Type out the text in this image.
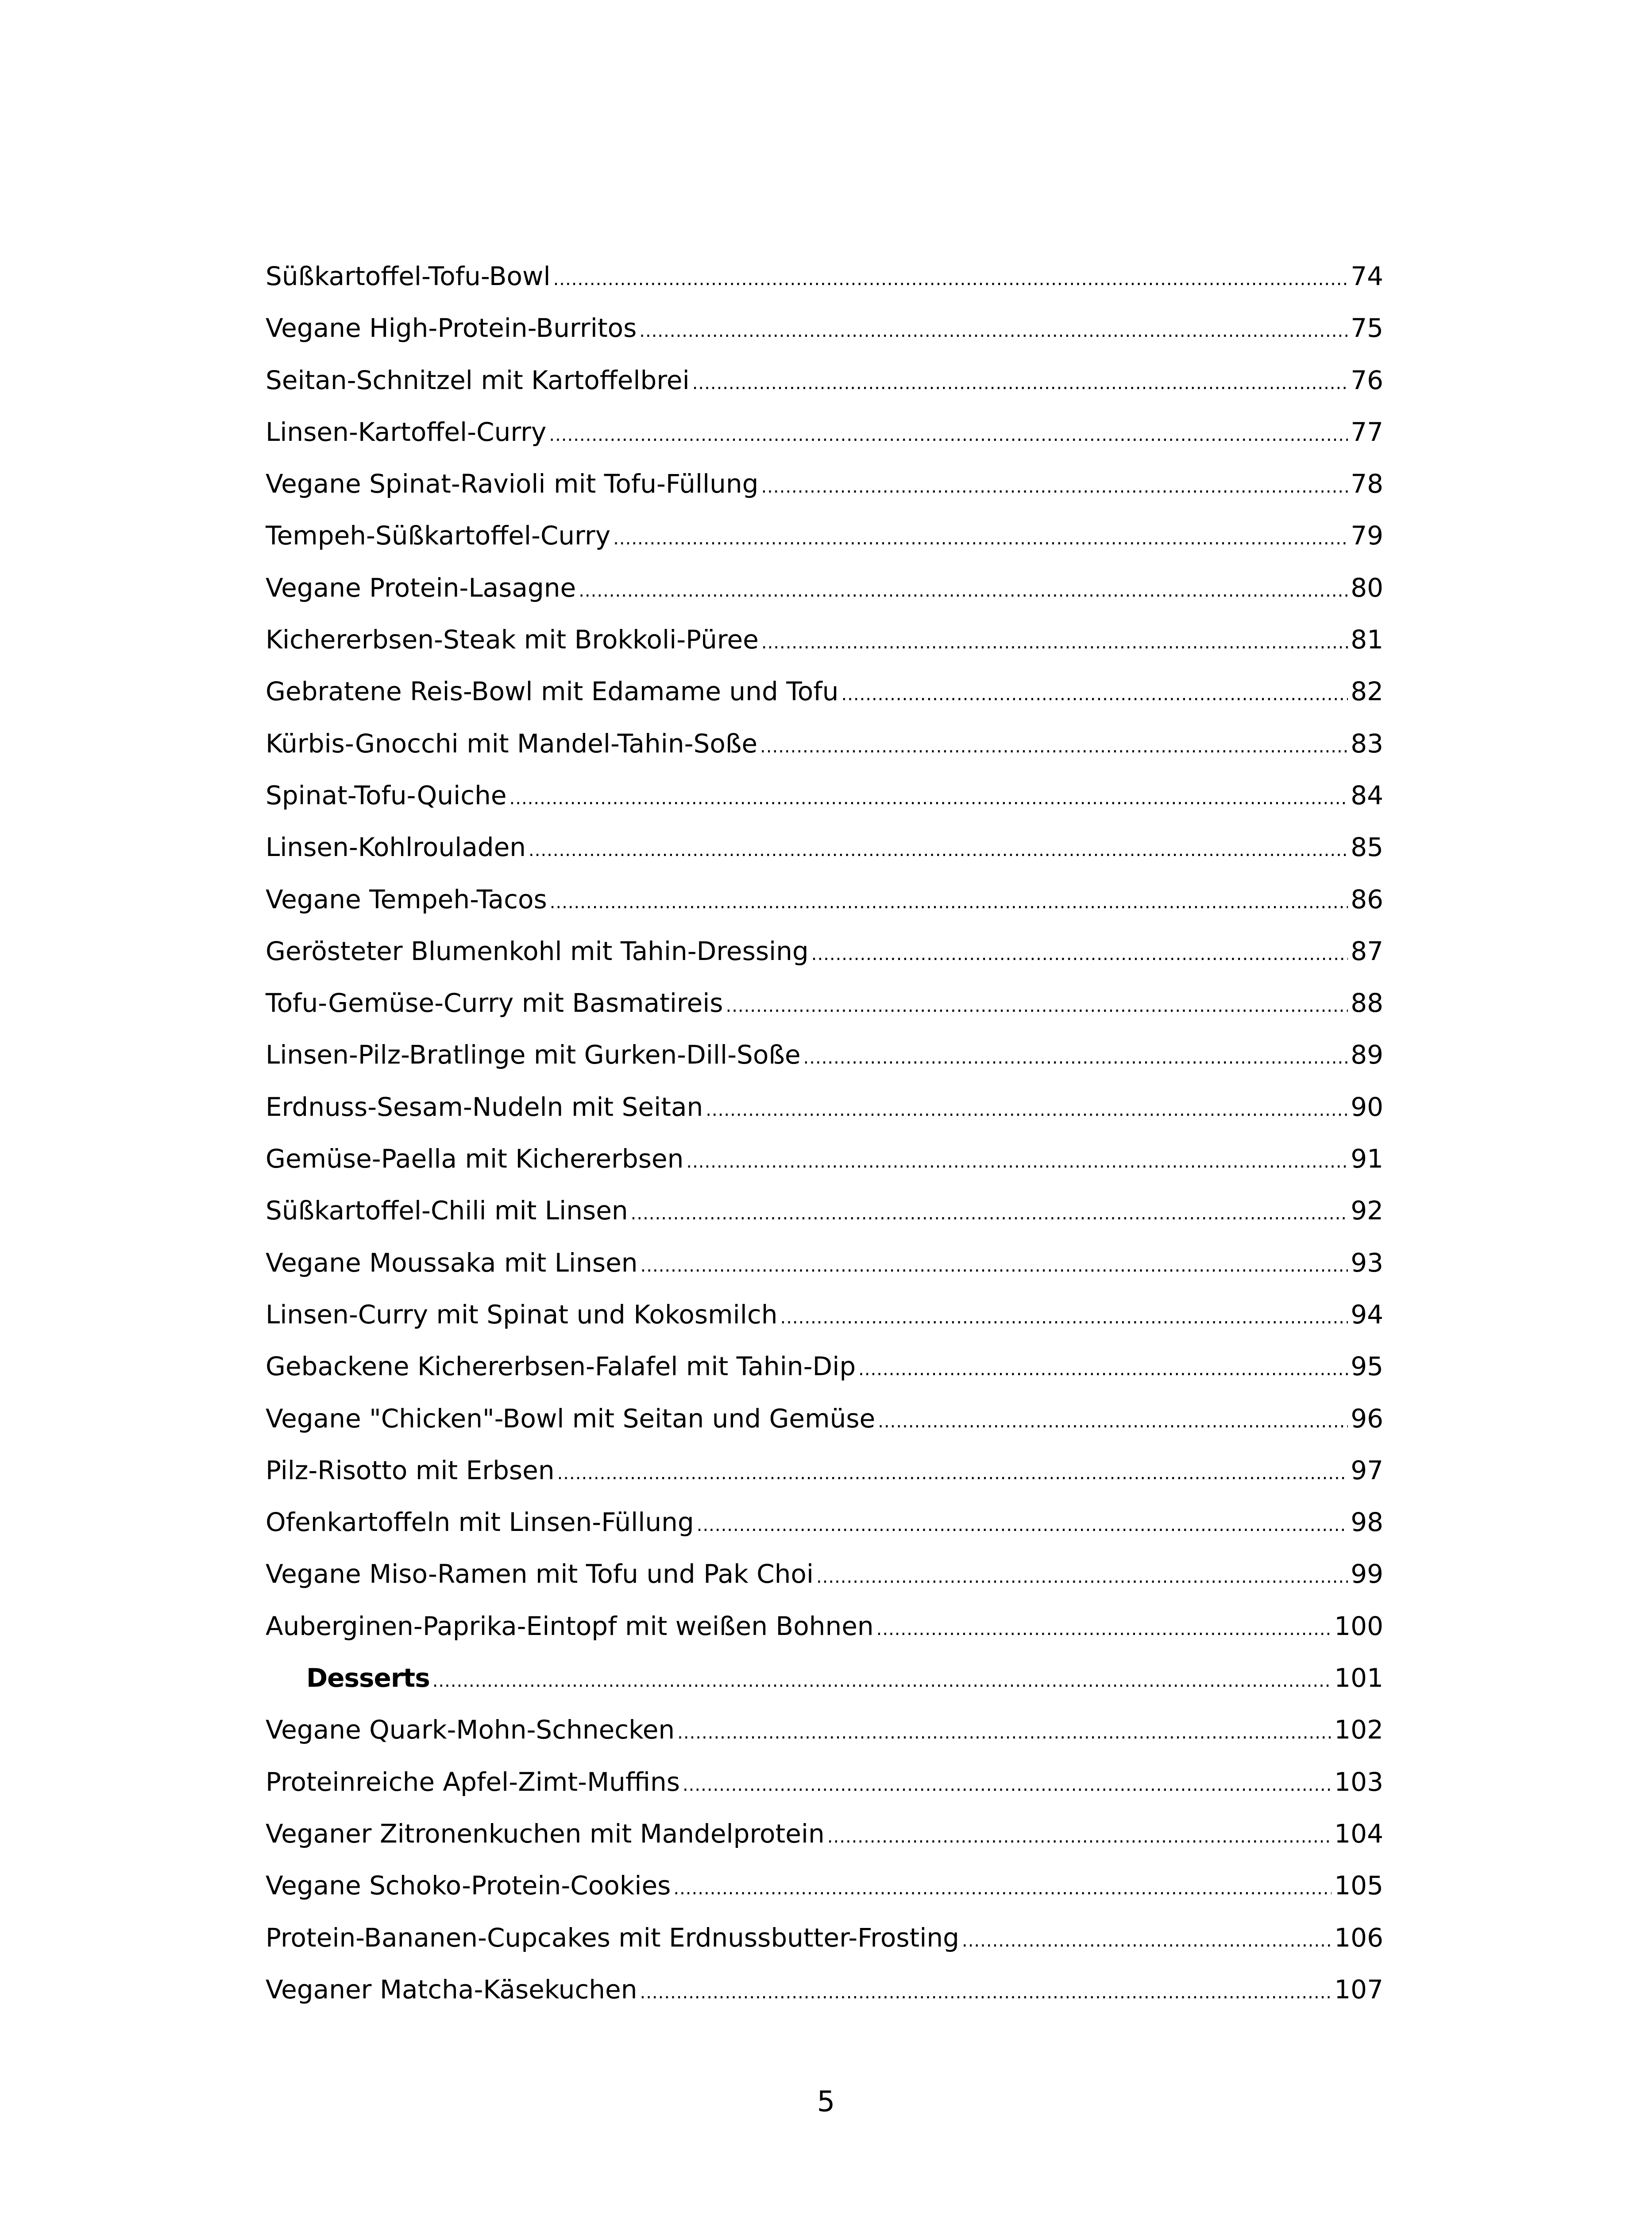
Süßkartoffel-Tofu-Bowl .....	74
Vegane High-Protein-Burritos .....	75
Seitan-Schnitzel mit Kartoffelbrei .....	76
Linsen-Kartoffel-Curry .....	77
Vegane Spinat-Ravioli mit Tofu-Füllung .....	78
Tempeh-Süßkartoffel-Curry .....	79
Vegane Protein-Lasagne .....	80
Kichererbsen-Steak mit Brokkoli-Püree .....	81
Gebratene Reis-Bowl mit Edamame und Tofu .....	82
Kürbis-Gnocchi mit Mandel-Tahin-Soße .....	83
Spinat-Tofu-Quiche .....	84
Linsen-Kohlrouladen .....	85
Vegane Tempeh-Tacos .....	86
Gerösteter Blumenkohl mit Tahin-Dressing .....	87
Tofu-Gemüse-Curry mit Basmatireis .....	88
Linsen-Pilz-Bratlinge mit Gurken-Dill-Soße .....	89
Erdnuss-Sesam-Nudeln mit Seitan .....	90
Gemüse-Paella mit Kichererbsen .....	91
Süßkartoffel-Chili mit Linsen .....	92
Vegane Moussaka mit Linsen .....	93
Linsen-Curry mit Spinat und Kokosmilch .....	94
Gebackene Kichererbsen-Falafel mit Tahin-Dip .....	95
Vegane "Chicken"-Bowl mit Seitan und Gemüse .....	96
Pilz-Risotto mit Erbsen .....	97
Ofenkartoffeln mit Linsen-Füllung .....	98
Vegane Miso-Ramen mit Tofu und Pak Choi .....	99
Auberginen-Paprika-Eintopf mit weißen Bohnen .....	100
Desserts .....	101
Vegane Quark-Mohn-Schnecken .....	102
Proteinreiche Apfel-Zimt-Muffins .....	103
Veganer Zitronenkuchen mit Mandelprotein .....	104
Vegane Schoko-Protein-Cookies .....	105
Protein-Bananen-Cupcakes mit Erdnussbutter-Frosting .....	106
Veganer Matcha-Käsekuchen .....	107
5
